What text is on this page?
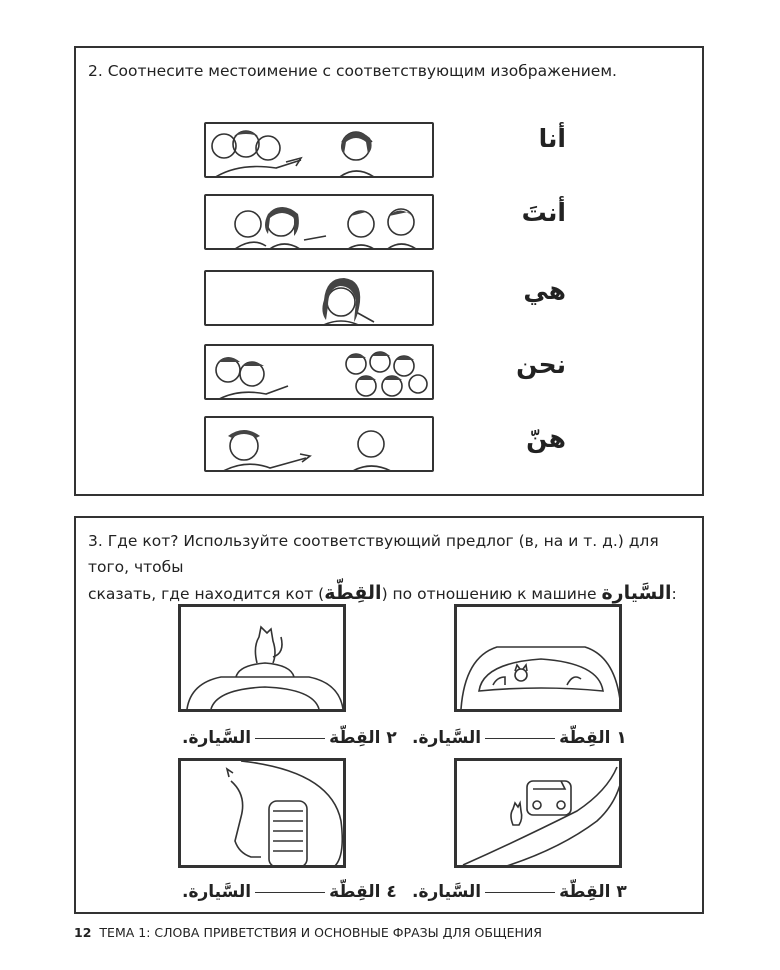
2. Соотнесите местоимение с соответствующим изображением.
أنا
أنتَ
هي
نحن
هنّ
3. Где кот? Используйте соответствующий предлог (в, на и т. д.) для того, чтобы
сказать, где находится кот (القِطّة) по отношению к машине السَّيارة:
٢ القِطّةالسَّيارة.	١ القِطّةالسَّيارة.
٤ القِطّةالسَّيارة.	٣ القِطّةالسَّيارة.
12 ТЕМА 1: СЛОВА ПРИВЕТСТВИЯ И ОСНОВНЫЕ ФРАЗЫ ДЛЯ ОБЩЕНИЯ
